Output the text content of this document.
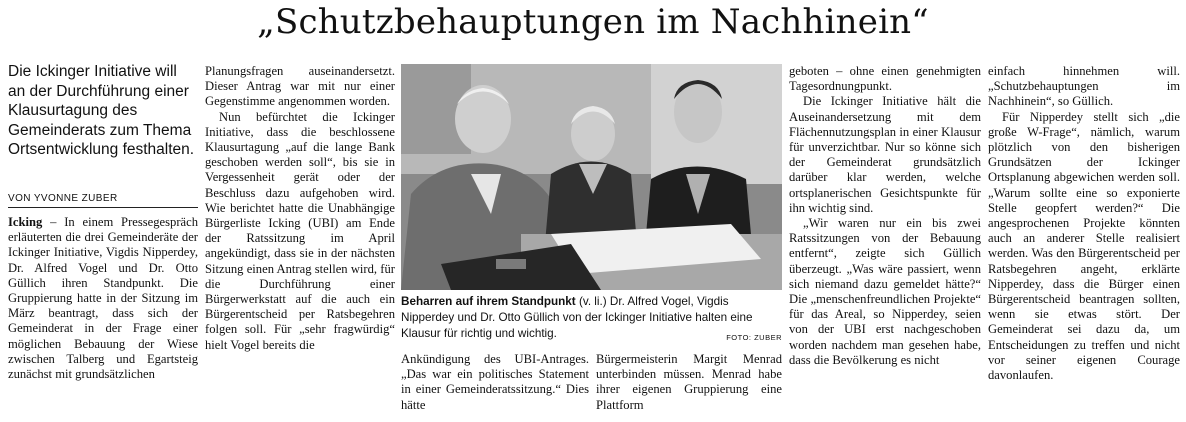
„Schutzbehauptungen im Nachhinein“

Die Ickinger Initiative will an der Durchführung einer Klausurtagung des Gemeinderats zum Thema Ortsentwicklung festhalten.

VON YVONNE ZUBER

Icking – In einem Pressegespräch erläuterten die drei Gemeinderäte der Ickinger Initiative, Vigdis Nipperdey, Dr. Alfred Vogel und Dr. Otto Güllich ihren Standpunkt. Die Gruppierung hatte in der Sitzung im März beantragt, dass sich der Gemeinderat in der Frage einer möglichen Bebauung der Wiese zwischen Talberg und Egartsteig zunächst mit grundsätzlichen

Planungsfragen auseinandersetzt. Dieser Antrag war mit nur einer Gegenstimme angenommen worden.

Nun befürchtet die Ickinger Initiative, dass die beschlossene Klausurtagung „auf die lange Bank geschoben werden soll“, bis sie in Vergessenheit gerät oder der Beschluss dazu aufgehoben wird. Wie berichtet hatte die Unabhängige Bürgerliste Icking (UBI) am Ende der Ratssitzung im April angekündigt, dass sie in der nächsten Sitzung einen Antrag stellen wird, für die Durchführung einer Bürgerwerkstatt auf die auch ein Bürgerentscheid per Ratsbegehren folgen soll. Für „sehr fragwürdig“ hielt Vogel bereits die

Beharren auf ihrem Standpunkt (v. li.) Dr. Alfred Vogel, Vigdis Nipperdey und Dr. Otto Güllich von der Ickinger Initiative halten eine Klausur für richtig und wichtig.	FOTO: ZUBER

Ankündigung des UBI-Antrages. „Das war ein politisches Statement in einer Gemeinderatssitzung.“ Dies hätte

Bürgermeisterin Margit Menrad unterbinden müssen. Menrad habe ihrer eigenen Gruppierung eine Plattform

geboten – ohne einen genehmigten Tagesordnungpunkt.

Die Ickinger Initiative hält die Auseinandersetzung mit dem Flächennutzungsplan in einer Klausur für unverzichtbar. Nur so könne sich der Gemeinderat grundsätzlich darüber klar werden, welche ortsplanerischen Gesichtspunkte für ihn wichtig sind.

„Wir waren nur ein bis zwei Ratssitzungen von der Bebauung entfernt“, zeigte sich Güllich überzeugt. „Was wäre passiert, wenn sich niemand dazu gemeldet hätte?“ Die „menschenfreundlichen Projekte“ für das Areal, so Nipperdey, seien von der UBI erst nachgeschoben worden nachdem man gesehen habe, dass die Bevölkerung es nicht

einfach hinnehmen will. „Schutzbehauptungen im Nachhinein“, so Güllich.

Für Nipperdey stellt sich „die große W-Frage“, nämlich, warum plötzlich von den bisherigen Grundsätzen der Ickinger Ortsplanung abgewichen werden soll. „Warum sollte eine so exponierte Stelle geopfert werden?“ Die angesprochenen Projekte könnten auch an anderer Stelle realisiert werden. Was den Bürgerentscheid per Ratsbegehren angeht, erklärte Nipperdey, dass die Bürger einen Bürgerentscheid beantragen sollten, wenn sie etwas stört. Der Gemeinderat sei dazu da, um Entscheidungen zu treffen und nicht vor seiner eigenen Courage davonlaufen.
